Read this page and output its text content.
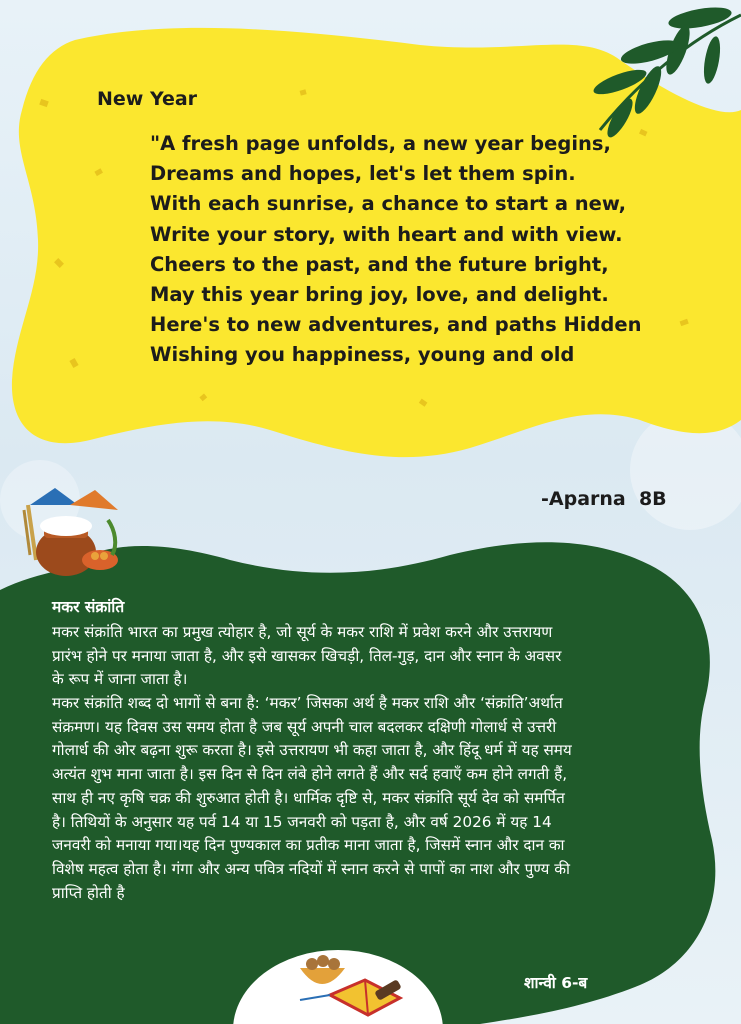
New Year
"A fresh page unfolds, a new year begins,
Dreams and hopes, let's let them spin.
With each sunrise, a chance to start a new,
Write your story, with heart and with view.
Cheers to the past, and the future bright,
May this year bring joy, love, and delight.
Here's to new adventures, and paths Hidden
Wishing you happiness, young and old

-Aparna  8B

मकर संक्रांति

मकर संक्रांति भारत का प्रमुख त्योहार है, जो सूर्य के मकर राशि में प्रवेश करने और उत्तरायण
प्रारंभ होने पर मनाया जाता है, और इसे खासकर खिचड़ी, तिल-गुड़, दान और स्नान के अवसर
के रूप में जाना जाता है।

मकर संक्रांति शब्द दो भागों से बना है: ‘मकर’ जिसका अर्थ है मकर राशि और ‘संक्रांति’अर्थात
संक्रमण। यह दिवस उस समय होता है जब सूर्य अपनी चाल बदलकर दक्षिणी गोलार्ध से उत्तरी
गोलार्ध की ओर बढ़ना शुरू करता है। इसे उत्तरायण भी कहा जाता है, और हिंदू धर्म में यह समय
अत्यंत शुभ माना जाता है। इस दिन से दिन लंबे होने लगते हैं और सर्द हवाएँ कम होने लगती हैं,
साथ ही नए कृषि चक्र की शुरुआत होती है। धार्मिक दृष्टि से, मकर संक्रांति सूर्य देव को समर्पित
है। तिथियों के अनुसार यह पर्व 14 या 15 जनवरी को पड़ता है, और वर्ष 2026 में यह 14
जनवरी को मनाया गया।यह दिन पुण्यकाल का प्रतीक माना जाता है, जिसमें स्नान और दान का
विशेष महत्व होता है। गंगा और अन्य पवित्र नदियों में स्नान करने से पापों का नाश और पुण्य की
प्राप्ति होती है

शान्वी 6-ब
